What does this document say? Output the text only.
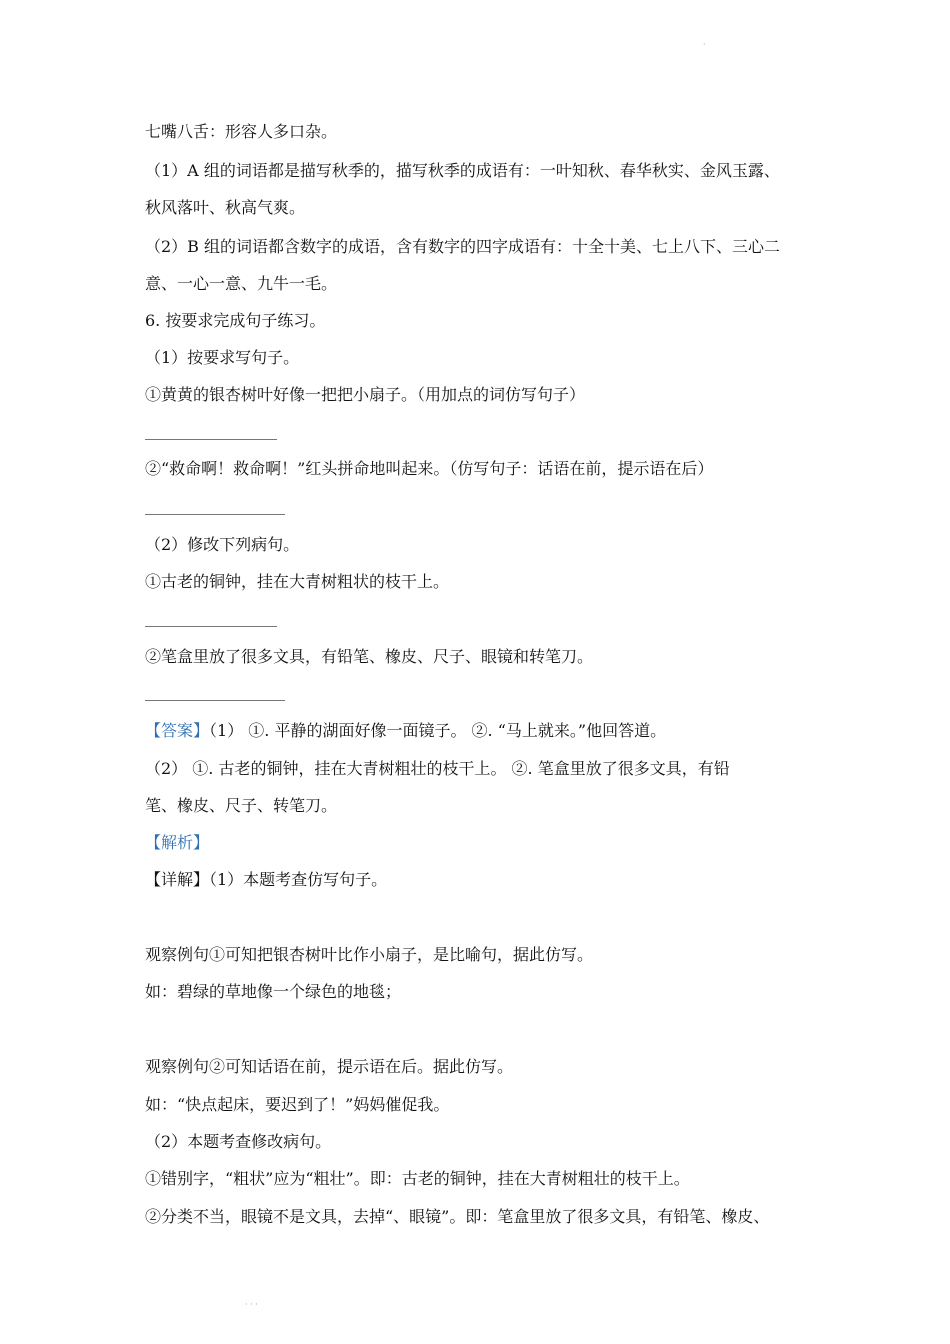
·
七嘴八舌：形容人多口杂。
（1）A 组的词语都是描写秋季的，描写秋季的成语有：一叶知秋、春华秋实、金风玉露、
秋风落叶、秋高气爽。
（2）B 组的词语都含数字的成语，含有数字的四字成语有：十全十美、七上八下、三心二
意、一心一意、九牛一毛。
6. 按要求完成句子练习。
（1）按要求写句子。
①黄黄的银杏树叶好像一把把小扇子。（用加点的词仿写句子）
②“救命啊！救命啊！”红头拼命地叫起来。（仿写句子：话语在前，提示语在后）
（2）修改下列病句。
①古老的铜钟，挂在大青树粗状的枝干上。
②笔盒里放了很多文具，有铅笔、橡皮、尺子、眼镜和转笔刀。
【答案】（1） ①. 平静的湖面好像一面镜子。 ②. “马上就来。”他回答道。
（2） ①. 古老的铜钟，挂在大青树粗壮的枝干上。 ②. 笔盒里放了很多文具，有铅
笔、橡皮、尺子、转笔刀。
【解析】
【详解】（1）本题考查仿写句子。
观察例句①可知把银杏树叶比作小扇子，是比喻句，据此仿写。
如：碧绿的草地像一个绿色的地毯；
观察例句②可知话语在前，提示语在后。据此仿写。
如：“快点起床，要迟到了！”妈妈催促我。
（2）本题考查修改病句。
①错别字，“粗状”应为“粗壮”。即：古老的铜钟，挂在大青树粗壮的枝干上。
②分类不当，眼镜不是文具，去掉“、眼镜”。即：笔盒里放了很多文具，有铅笔、橡皮、
· · ·
